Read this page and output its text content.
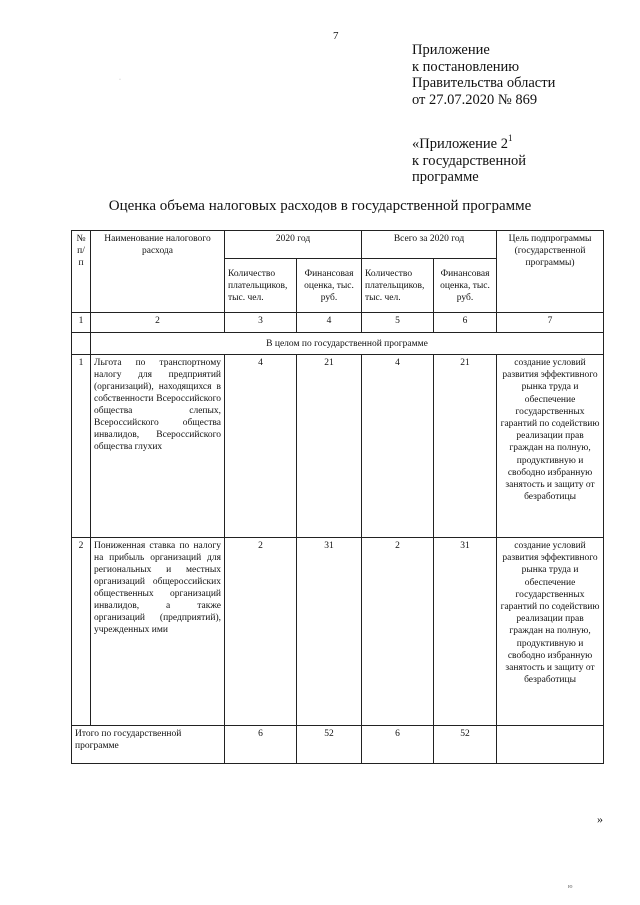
7
·
Приложение
к постановлению
Правительства области
от 27.07.2020 № 869
«Приложение $2^1$
к государственной
программе
Оценка объема налоговых расходов в государственной программе
№ п/п	Наименование налогового расхода	2020 год		Всего за 2020 год		Цель подпрограммы (государственной программы)
		Количество плательщиков, тыс. чел.	Финансовая оценка, тыс. руб.	Количество плательщиков, тыс. чел.	Финансовая оценка, тыс. руб.	
1	2	3	4	5	6	7
	В целом по государственной программе					
1	Льгота по транспортному налогу для предприятий (организаций), находящихся в собственности Всероссийского общества слепых, Всероссийского общества инвалидов, Всероссийского общества глухих	4	21	4	21	создание условий развития эффективного рынка труда и обеспечение государственных гарантий по содействию реализации прав граждан на полную, продуктивную и свободно избранную занятость и защиту от безработицы
2	Пониженная ставка по налогу на прибыль организаций для региональных и местных организаций общероссийских общественных организаций инвалидов, а также организаций (предприятий), учрежденных ими	2	31	2	31	создание условий развития эффективного рынка труда и обеспечение государственных гарантий по содействию реализации прав граждан на полную, продуктивную и свободно избранную занятость и защиту от безработицы
Итого по государственной программе		6	52	6	52	
»
ю
